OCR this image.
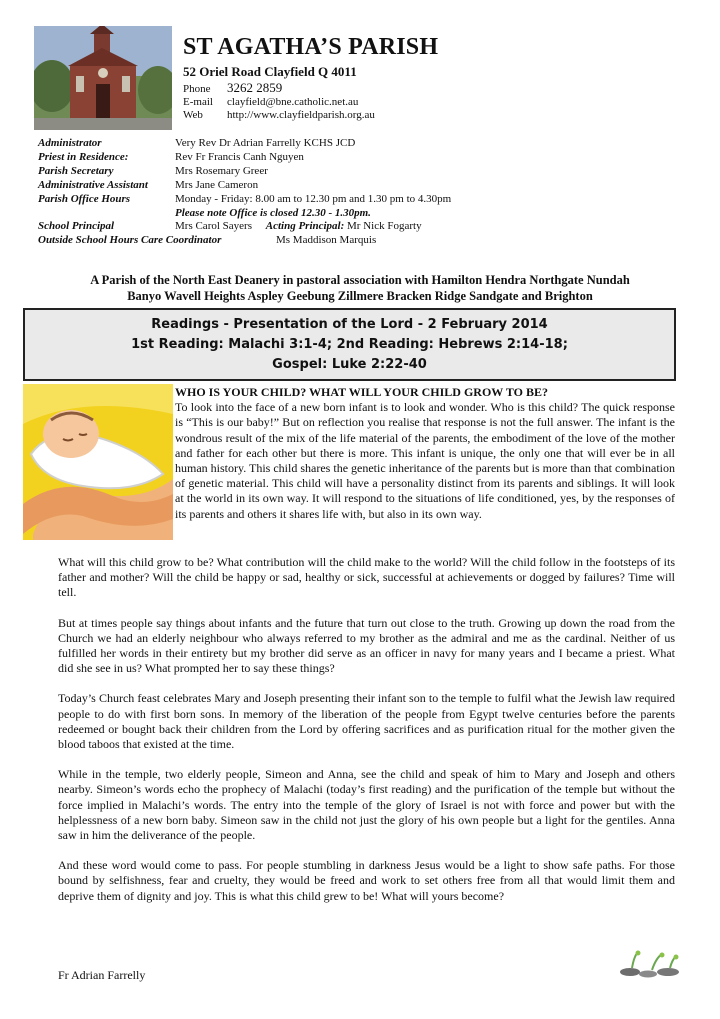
ST AGATHA’S PARISH
52 Oriel Road Clayfield Q 4011
Phone 3262 2859
E-mail clayfield@bne.catholic.net.au
Web http://www.clayfieldparish.org.au
Administrator	Very Rev Dr Adrian Farrelly KCHS JCD
Priest in Residence:	Rev Fr Francis Canh Nguyen
Parish Secretary	Mrs Rosemary Greer
Administrative Assistant	Mrs Jane Cameron
Parish Office Hours	Monday - Friday: 8.00 am to 12.30 pm and 1.30 pm to 4.30pm
Please note Office is closed 12.30 - 1.30pm.
School Principal	Mrs Carol Sayers Acting Principal: Mr Nick Fogarty
Outside School Hours Care Coordinator	Ms Maddison Marquis
A Parish of the North East Deanery in pastoral association with Hamilton Hendra Northgate Nundah
Banyo Wavell Heights Aspley Geebung Zillmere Bracken Ridge Sandgate and Brighton
Readings - Presentation of the Lord - 2 February 2014
1st Reading: Malachi 3:1-4; 2nd Reading: Hebrews 2:14-18;
Gospel: Luke 2:22-40
WHO IS YOUR CHILD? WHAT WILL YOUR CHILD GROW TO BE?
To look into the face of a new born infant is to look and wonder. Who is this child? The quick response is “This is our baby!” But on reflection you realise that response is not the full answer. The infant is the wondrous result of the mix of the life material of the parents, the embodiment of the love of the mother and father for each other but there is more. This infant is unique, the only one that will ever be in all human history. This child shares the genetic inheritance of the parents but is more than that combination of genetic material. This child will have a personality distinct from its parents and siblings. It will look at the world in its own way. It will respond to the situations of life conditioned, yes, by the responses of its parents and others it shares life with, but also in its own way.

What will this child grow to be? What contribution will the child make to the world? Will the child follow in the footsteps of its father and mother? Will the child be happy or sad, healthy or sick, successful at achievements or dogged by failures? Time will tell.

But at times people say things about infants and the future that turn out close to the truth. Growing up down the road from the Church we had an elderly neighbour who always referred to my brother as the admiral and me as the cardinal. Neither of us fulfilled her words in their entirety but my brother did serve as an officer in navy for many years and I became a priest. What did she see in us? What prompted her to say these things?

Today’s Church feast celebrates Mary and Joseph presenting their infant son to the temple to fulfil what the Jewish law required people to do with first born sons. In memory of the liberation of the people from Egypt twelve centuries before the parents redeemed or bought back their children from the Lord by offering sacrifices and as purification ritual for the mother given the blood taboos that existed at the time.

While in the temple, two elderly people, Simeon and Anna, see the child and speak of him to Mary and Joseph and others nearby. Simeon’s words echo the prophecy of Malachi (today’s first reading) and the purification of the temple but without the force implied in Malachi’s words. The entry into the temple of the glory of Israel is not with force and power but with the helplessness of a new born baby. Simeon saw in the child not just the glory of his own people but a light for the gentiles. Anna saw in him the deliverance of the people.

And these word would come to pass. For people stumbling in darkness Jesus would be a light to show safe paths. For those bound by selfishness, fear and cruelty, they would be freed and work to set others free from all that would limit them and deprive them of dignity and joy. This is what this child grew to be! What will yours become?

Fr Adrian Farrelly
